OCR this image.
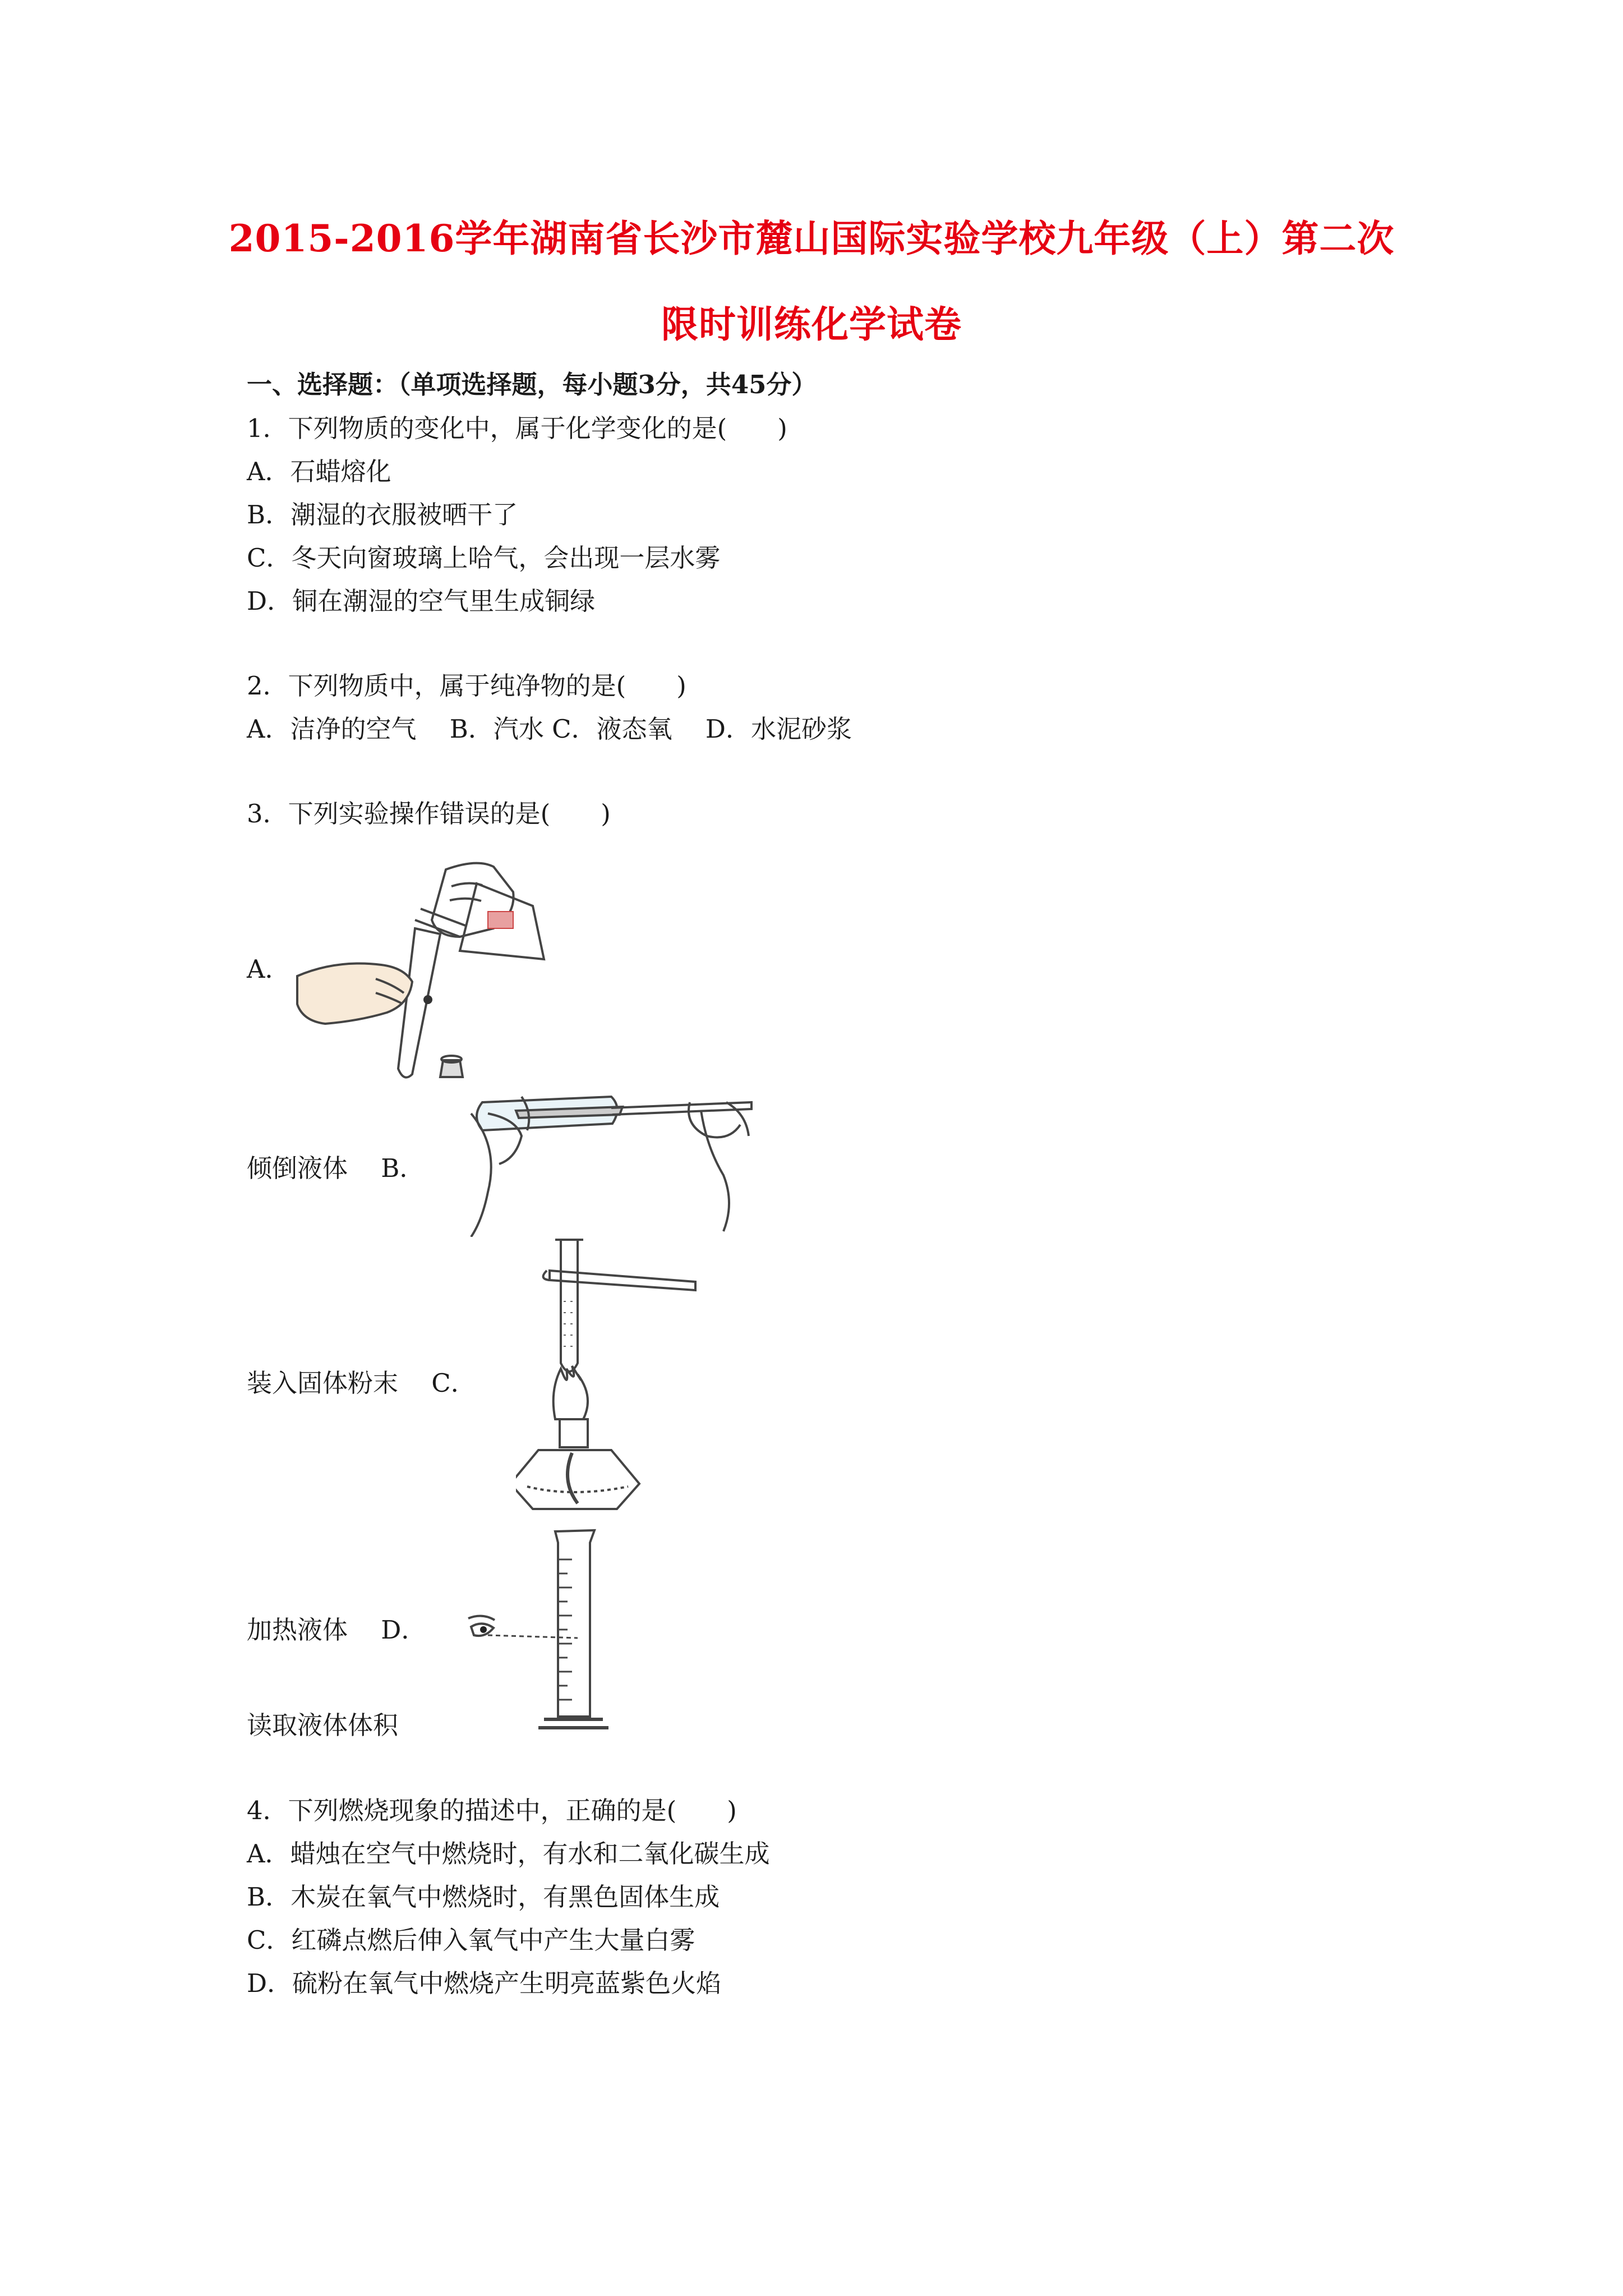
2015-2016学年湖南省长沙市麓山国际实验学校九年级（上）第二次
限时训练化学试卷
一、选择题：（单项选择题，每小题3分，共45分）
1．下列物质的变化中，属于化学变化的是(　　)
A．石蜡熔化
B．潮湿的衣服被晒干了
C．冬天向窗玻璃上哈气，会出现一层水雾
D．铜在潮湿的空气里生成铜绿
2．下列物质中，属于纯净物的是(　　)
A．洁净的空气　 B．汽水 C．液态氧　 D．水泥砂浆
3．下列实验操作错误的是(　　)
A．
倾倒液体　 B．
装入固体粉末　 C．
加热液体　 D．
读取液体体积
4．下列燃烧现象的描述中，正确的是(　　)
A．蜡烛在空气中燃烧时，有水和二氧化碳生成
B．木炭在氧气中燃烧时，有黑色固体生成
C．红磷点燃后伸入氧气中产生大量白雾
D．硫粉在氧气中燃烧产生明亮蓝紫色火焰
